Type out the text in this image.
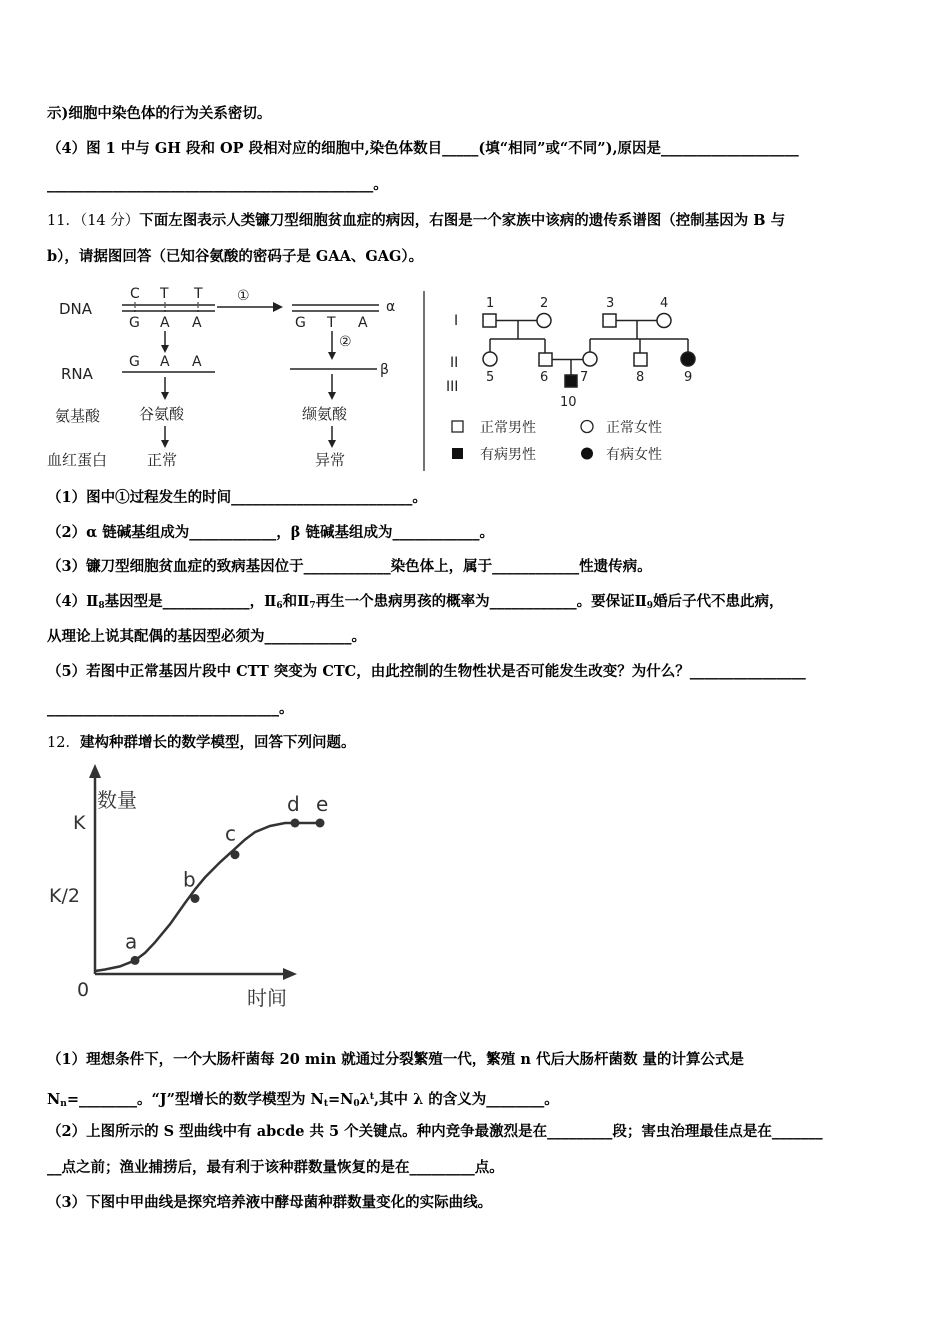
示)细胞中染色体的行为关系密切。
（4）图 1 中与 GH 段和 OP 段相对应的细胞中,染色体数目_____(填“相同”或“不同”),原因是___________________
_____________________________________________。
11．（14 分）下面左图表示人类镰刀型细胞贫血症的病因，右图是一个家族中该病的遗传系谱图（控制基因为 B 与
b），请据图回答（已知谷氨酸的密码子是 GAA、GAG）。
DNA
RNA
氨基酸
血红蛋白
C T T
G A A
①
G T A
α
β
②
G A A
谷氨酸	缬氨酸
正常	异常
I
II
III
1	2	3	4
5	6 7	8	9
10
正常男性	正常女性
有病男性	有病女性
（1）图中①过程发生的时间_________________________。
（2）α 链碱基组成为____________，β 链碱基组成为____________。
（3）镰刀型细胞贫血症的致病基因位于____________染色体上，属于____________性遗传病。
$(4)Ⅱ_8$基因型是____________，$Ⅱ_6$和$Ⅱ_7$再生一个患病男孩的概率为____________。要保证$Ⅱ_9$婚后子代不患此病，
从理论上说其配偶的基因型必须为____________。
（5）若图中正常基因片段中 CTT 突变为 CTC，由此控制的生物性状是否可能发生改变？为什么？________________
________________________________。
12．建构种群增长的数学模型，回答下列问题。
数量
时间
K
K/2
0
a
b
c
d e
（1）理想条件下，一个大肠杆菌每 20 min 就通过分裂繁殖一代，繁殖 n 代后大肠杆菌数 量的计算公式是
$N_n=\_\_\_\_\_\_\_\_$。“J”型增长的数学模型为 $N_t=N_0\lambda^t$,其中 λ 的含义为________。
（2）上图所示的 S 型曲线中有 abcde 共 5 个关键点。种内竞争最激烈是在_________段；害虫治理最佳点是在_______
__点之前；渔业捕捞后，最有利于该种群数量恢复的是在_________点。
（3）下图中甲曲线是探究培养液中酵母菌种群数量变化的实际曲线。
